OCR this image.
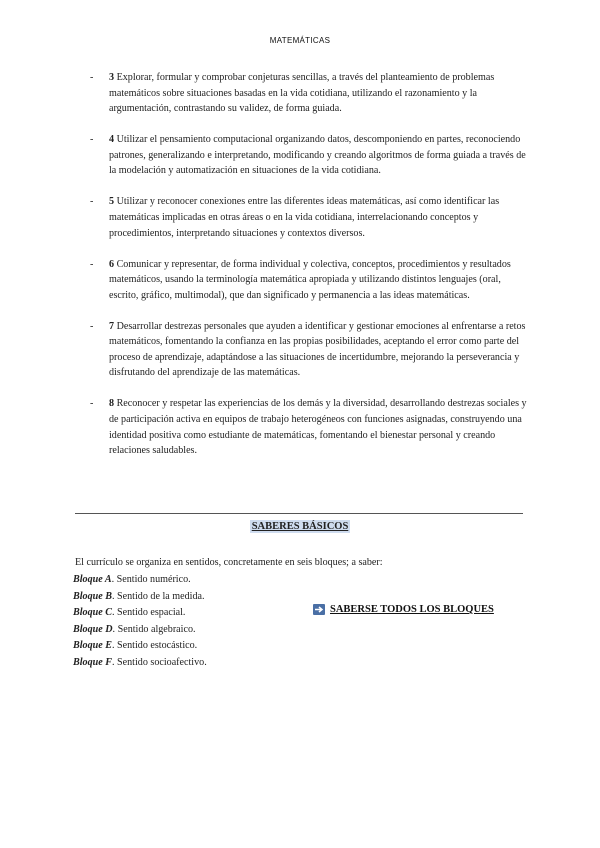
MATEMÁTICAS
- 3 Explorar, formular y comprobar conjeturas sencillas, a través del planteamiento de problemas matemáticos sobre situaciones basadas en la vida cotidiana, utilizando el razonamiento y la argumentación, contrastando su validez, de forma guiada.
- 4 Utilizar el pensamiento computacional organizando datos, descomponiendo en partes, reconociendo patrones, generalizando e interpretando, modificando y creando algoritmos de forma guiada a través de la modelación y automatización en situaciones de la vida cotidiana.
- 5 Utilizar y reconocer conexiones entre las diferentes ideas matemáticas, así como identificar las matemáticas implicadas en otras áreas o en la vida cotidiana, interrelacionando conceptos y procedimientos, interpretando situaciones y contextos diversos.
- 6 Comunicar y representar, de forma individual y colectiva, conceptos, procedimientos y resultados matemáticos, usando la terminología matemática apropiada y utilizando distintos lenguajes (oral, escrito, gráfico, multimodal), que dan significado y permanencia a las ideas matemáticas.
- 7 Desarrollar destrezas personales que ayuden a identificar y gestionar emociones al enfrentarse a retos matemáticos, fomentando la confianza en las propias posibilidades, aceptando el error como parte del proceso de aprendizaje, adaptándose a las situaciones de incertidumbre, mejorando la perseverancia y disfrutando del aprendizaje de las matemáticas.
- 8 Reconocer y respetar las experiencias de los demás y la diversidad, desarrollando destrezas sociales y de participación activa en equipos de trabajo heterogéneos con funciones asignadas, construyendo una identidad positiva como estudiante de matemáticas, fomentando el bienestar personal y creando relaciones saludables.
SABERES BÁSICOS
El currículo se organiza en sentidos, concretamente en seis bloques; a saber:
Bloque A. Sentido numérico.
Bloque B. Sentido de la medida.
Bloque C. Sentido espacial.
Bloque D. Sentido algebraico.
Bloque E. Sentido estocástico.
Bloque F. Sentido socioafectivo.
SABERSE TODOS LOS BLOQUES
